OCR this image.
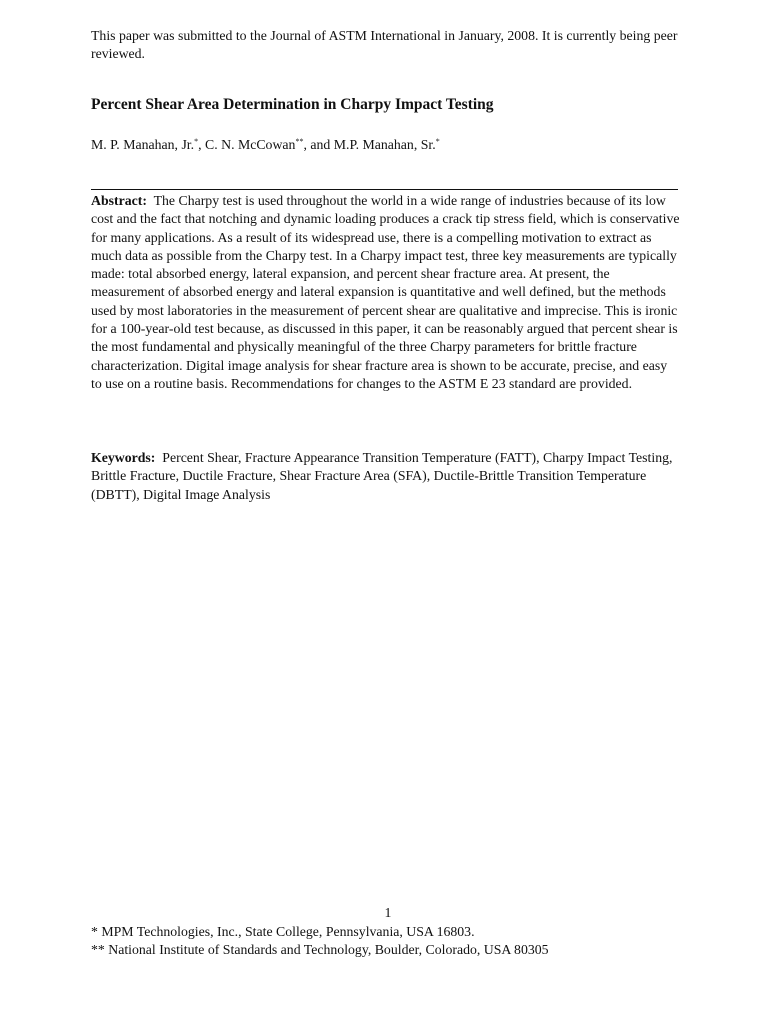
This paper was submitted to the Journal of ASTM International in January, 2008. It is currently being peer reviewed.

Percent Shear Area Determination in Charpy Impact Testing

M. P. Manahan, Jr.*, C. N. McCowan**, and M.P. Manahan, Sr.*

Abstract: The Charpy test is used throughout the world in a wide range of industries because of its low cost and the fact that notching and dynamic loading produces a crack tip stress field, which is conservative for many applications. As a result of its widespread use, there is a compelling motivation to extract as much data as possible from the Charpy test. In a Charpy impact test, three key measurements are typically made: total absorbed energy, lateral expansion, and percent shear fracture area. At present, the measurement of absorbed energy and lateral expansion is quantitative and well defined, but the methods used by most laboratories in the measurement of percent shear are qualitative and imprecise. This is ironic for a 100-year-old test because, as discussed in this paper, it can be reasonably argued that percent shear is the most fundamental and physically meaningful of the three Charpy parameters for brittle fracture characterization. Digital image analysis for shear fracture area is shown to be accurate, precise, and easy to use on a routine basis. Recommendations for changes to the ASTM E 23 standard are provided.

Keywords: Percent Shear, Fracture Appearance Transition Temperature (FATT), Charpy Impact Testing, Brittle Fracture, Ductile Fracture, Shear Fracture Area (SFA), Ductile-Brittle Transition Temperature (DBTT), Digital Image Analysis

1

* MPM Technologies, Inc., State College, Pennsylvania, USA 16803.

** National Institute of Standards and Technology, Boulder, Colorado, USA 80305
